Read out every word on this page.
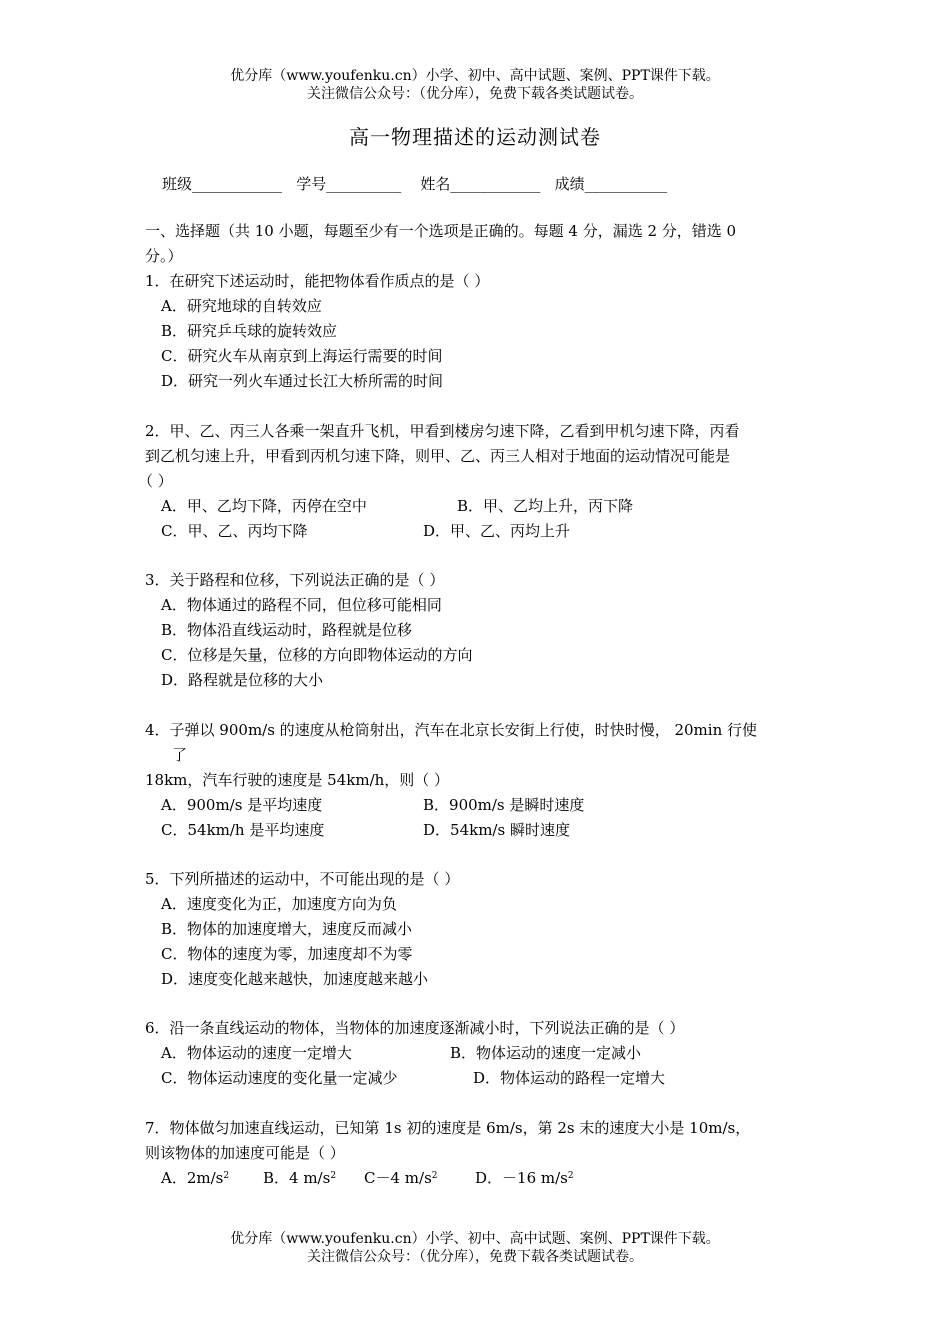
优分库（www.youfenku.cn）小学、初中、高中试题、案例、PPT课件下载。
关注微信公众号：（优分库），免费下载各类试题试卷。
高一物理描述的运动测试卷
班级____________   学号__________    姓名____________   成绩___________
一、选择题（共 10 小题，每题至少有一个选项是正确的。每题 4 分，漏选 2 分，错选 0
分。）
1．在研究下述运动时，能把物体看作质点的是（ ）
A．研究地球的自转效应
B．研究乒乓球的旋转效应
C．研究火车从南京到上海运行需要的时间
D．研究一列火车通过长江大桥所需的时间
2．甲、乙、丙三人各乘一架直升飞机，甲看到楼房匀速下降，乙看到甲机匀速下降，丙看
到乙机匀速上升，甲看到丙机匀速下降，则甲、乙、丙三人相对于地面的运动情况可能是
（ ）
A．甲、乙均下降，丙停在空中	B．甲、乙均上升，丙下降
C．甲、乙、丙均下降	D．甲、乙、丙均上升
3．关于路程和位移，下列说法正确的是（ ）
A．物体通过的路程不同，但位移可能相同
B．物体沿直线运动时，路程就是位移
C．位移是矢量，位移的方向即物体运动的方向
D．路程就是位移的大小
4．子弹以 900m/s 的速度从枪筒射出，汽车在北京长安街上行使，时快时慢， 20min 行使
了
18km，汽车行驶的速度是 54km/h，则（ ）
A．900m/s 是平均速度	B．900m/s 是瞬时速度
C．54km/h 是平均速度	D．54km/s 瞬时速度
5．下列所描述的运动中，不可能出现的是（ ）
A．速度变化为正，加速度方向为负
B．物体的加速度增大，速度反而减小
C．物体的速度为零，加速度却不为零
D．速度变化越来越快，加速度越来越小
6．沿一条直线运动的物体，当物体的加速度逐渐减小时，下列说法正确的是（ ）
A．物体运动的速度一定增大	B．物体运动的速度一定减小
C．物体运动速度的变化量一定减少	D．物体运动的路程一定增大
7．物体做匀加速直线运动，已知第 1s 初的速度是 6m/s，第 2s 末的速度大小是 10m/s，
则该物体的加速度可能是（ ）
A．$2m/s^2$ B．4 $m/s^2$ C－4 $m/s^2$	D．－16 $m/s^2$
优分库（www.youfenku.cn）小学、初中、高中试题、案例、PPT课件下载。
关注微信公众号：（优分库），免费下载各类试题试卷。
